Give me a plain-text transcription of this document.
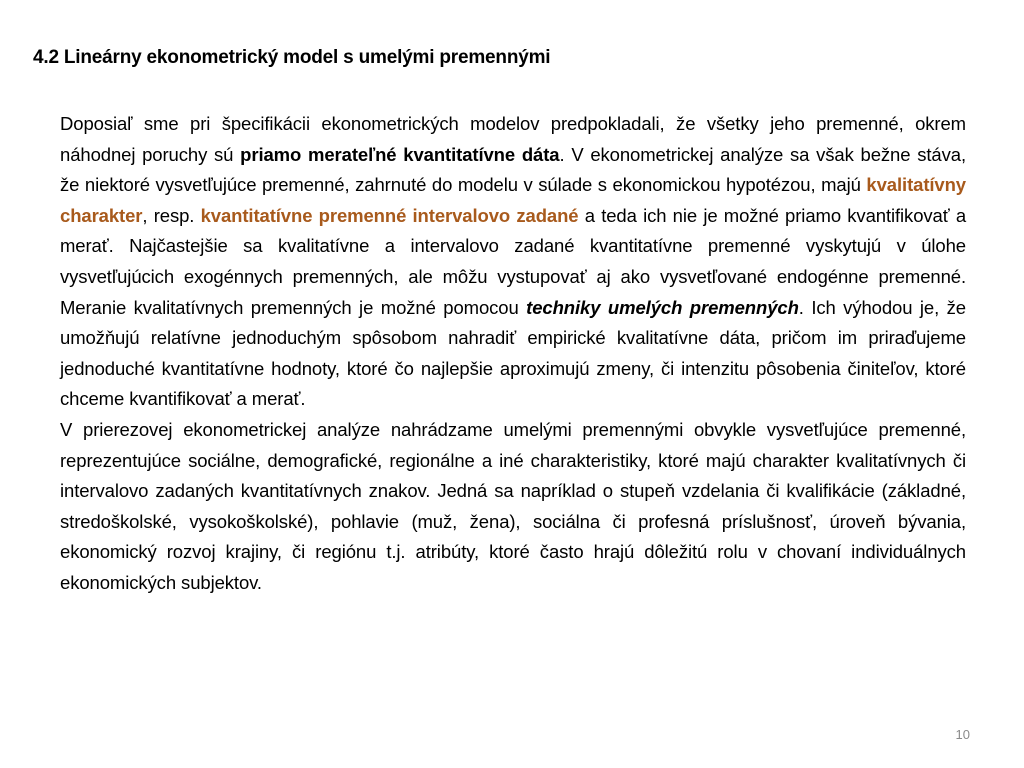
4.2 Lineárny ekonometrický model s umelými premennými

Doposiaľ sme pri špecifikácii ekonometrických modelov predpokladali, že všetky jeho premenné, okrem náhodnej poruchy sú priamo merateľné kvantitatívne dáta. V ekonometrickej analýze sa však bežne stáva, že niektoré vysvetľujúce premenné, zahrnuté do modelu v súlade s ekonomickou hypotézou, majú kvalitatívny charakter, resp. kvantitatívne premenné intervalovo zadané a teda ich nie je možné priamo kvantifikovať a merať. Najčastejšie sa kvalitatívne a intervalovo zadané kvantitatívne premenné vyskytujú v úlohe vysvetľujúcich exogénnych premenných, ale môžu vystupovať aj ako vysvetľované endogénne premenné. Meranie kvalitatívnych premenných je možné pomocou techniky umelých premenných. Ich výhodou je, že umožňujú relatívne jednoduchým spôsobom nahradiť empirické kvalitatívne dáta, pričom im priraďujeme jednoduché kvantitatívne hodnoty, ktoré čo najlepšie aproximujú zmeny, či intenzitu pôsobenia činiteľov, ktoré chceme kvantifikovať a merať.

V prierezovej ekonometrickej analýze nahrádzame umelými premennými obvykle vysvetľujúce premenné, reprezentujúce sociálne, demografické, regionálne a iné charakteristiky, ktoré majú charakter kvalitatívnych či intervalovo zadaných kvantitatívnych znakov. Jedná sa napríklad o stupeň vzdelania či kvalifikácie (základné, stredoškolské, vysokoškolské), pohlavie (muž, žena), sociálna či profesná príslušnosť, úroveň bývania, ekonomický rozvoj krajiny, či regiónu t.j. atribúty, ktoré často hrajú dôležitú rolu v chovaní individuálnych ekonomických subjektov.

10
